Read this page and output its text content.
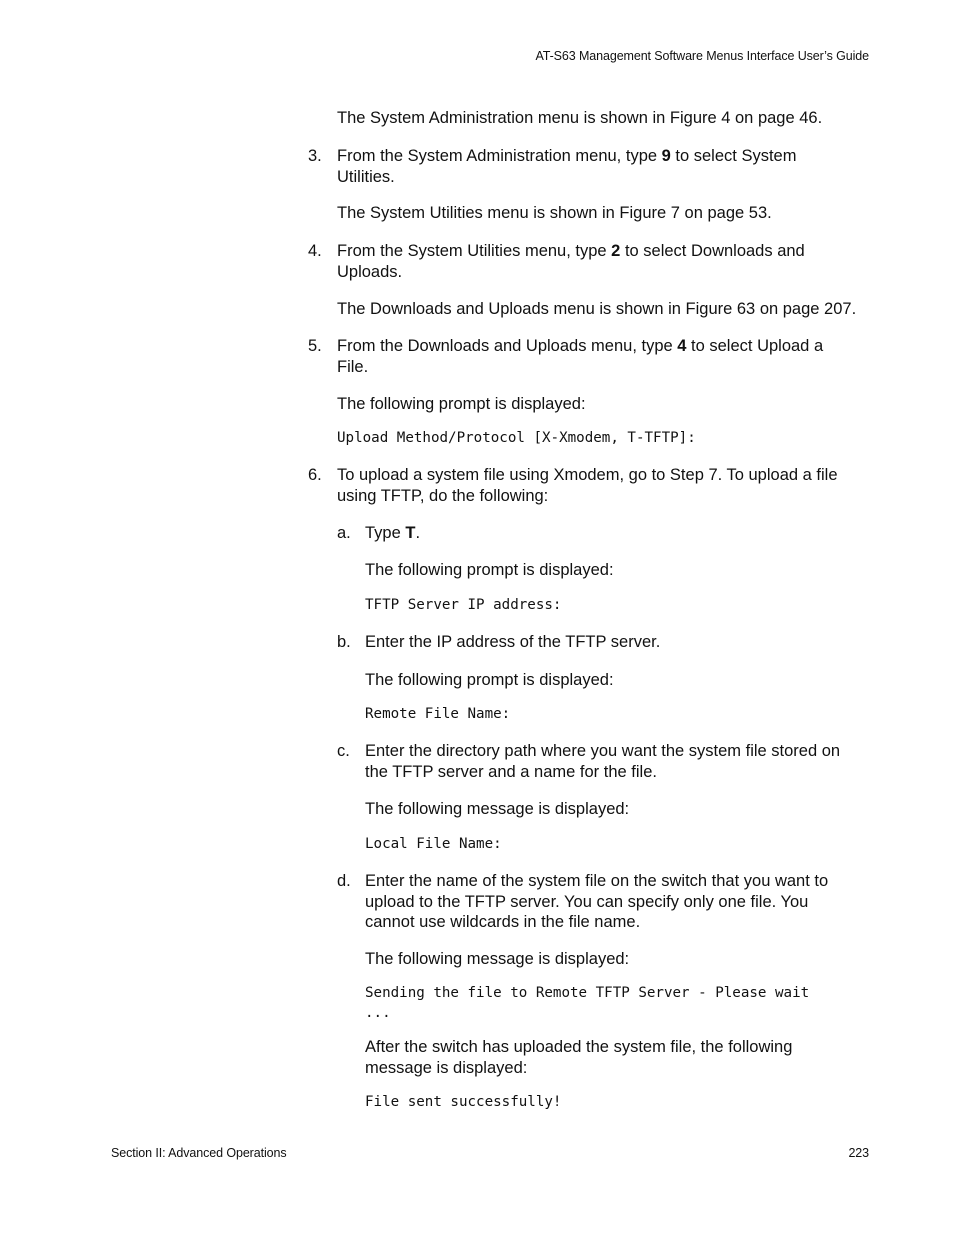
AT-S63 Management Software Menus Interface User’s Guide
The System Administration menu is shown in Figure 4 on page 46.
3. From the System Administration menu, type 9 to select System
Utilities.
The System Utilities menu is shown in Figure 7 on page 53.
4. From the System Utilities menu, type 2 to select Downloads and
Uploads.
The Downloads and Uploads menu is shown in Figure 63 on page 207.
5. From the Downloads and Uploads menu, type 4 to select Upload a
File.
The following prompt is displayed:
Upload Method/Protocol [X-Xmodem, T-TFTP]:
6. To upload a system file using Xmodem, go to Step 7. To upload a file
using TFTP, do the following:
a. Type T.
The following prompt is displayed:
TFTP Server IP address:
b. Enter the IP address of the TFTP server.
The following prompt is displayed:
Remote File Name:
c. Enter the directory path where you want the system file stored on
the TFTP server and a name for the file.
The following message is displayed:
Local File Name:
d. Enter the name of the system file on the switch that you want to
upload to the TFTP server. You can specify only one file. You
cannot use wildcards in the file name.
The following message is displayed:
Sending the file to Remote TFTP Server - Please wait
...
After the switch has uploaded the system file, the following
message is displayed:
File sent successfully!
Section II: Advanced Operations	223
